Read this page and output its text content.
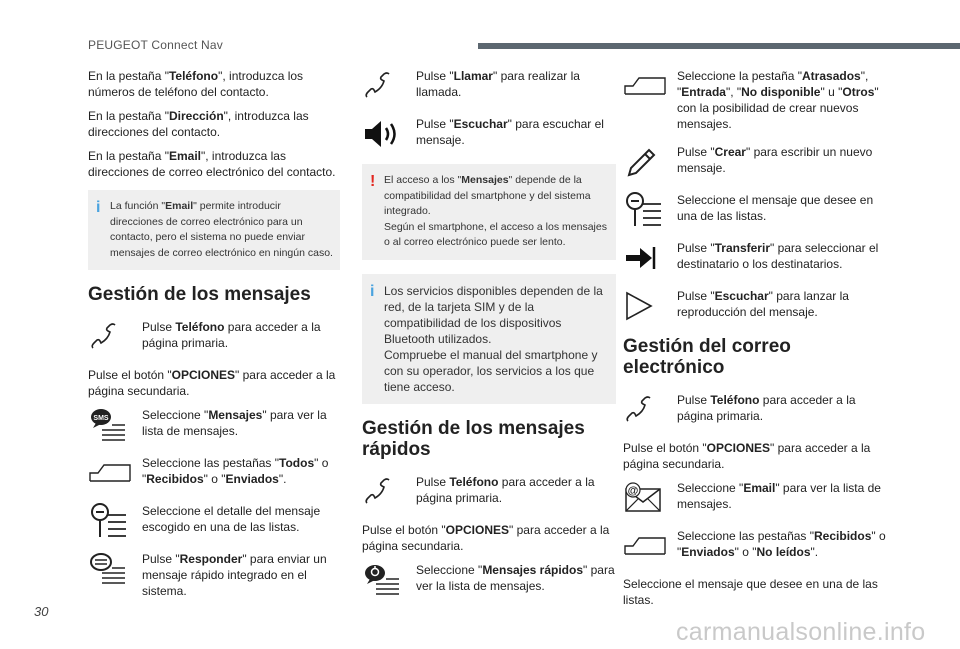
PEUGEOT Connect Nav

En la pestaña "Teléfono", introduzca los números de teléfono del contacto.

En la pestaña "Dirección", introduzca las direcciones del contacto.

En la pestaña "Email", introduzca las direcciones de correo electrónico del contacto.

i La función "Email" permite introducir direcciones de correo electrónico para un contacto, pero el sistema no puede enviar mensajes de correo electrónico en ningún caso.
Gestión de los mensajes
Pulse Teléfono para acceder a la página primaria.

Pulse el botón "OPCIONES" para acceder a la página secundaria.

SMS	Seleccione "Mensajes" para ver la lista de mensajes.
Seleccione las pestañas "Todos" o "Recibidos" o "Enviados".
Seleccione el detalle del mensaje escogido en una de las listas.
Pulse "Responder" para enviar un mensaje rápido integrado en el sistema.
Pulse "Llamar" para realizar la llamada.
Pulse "Escuchar" para escuchar el mensaje.
! El acceso a los "Mensajes" depende de la compatibilidad del smartphone y del sistema integrado.
Según el smartphone, el acceso a los mensajes o al correo electrónico puede ser lento.
i Los servicios disponibles dependen de la red, de la tarjeta SIM y de la compatibilidad de los dispositivos Bluetooth utilizados.
Compruebe el manual del smartphone y con su operador, los servicios a los que tiene acceso.
Gestión de los mensajes rápidos
Pulse Teléfono para acceder a la página primaria.

Pulse el botón "OPCIONES" para acceder a la página secundaria.

Seleccione "Mensajes rápidos" para ver la lista de mensajes.
Seleccione la pestaña "Atrasados", "Entrada", "No disponible" u "Otros" con la posibilidad de crear nuevos mensajes.
Pulse "Crear" para escribir un nuevo mensaje.
Seleccione el mensaje que desee en una de las listas.
Pulse "Transferir" para seleccionar el destinatario o los destinatarios.
Pulse "Escuchar" para lanzar la reproducción del mensaje.
Gestión del correo electrónico
Pulse Teléfono para acceder a la página primaria.

Pulse el botón "OPCIONES" para acceder a la página secundaria.

@	Seleccione "Email" para ver la lista de mensajes.
Seleccione las pestañas "Recibidos" o "Enviados" o "No leídos".

Seleccione el mensaje que desee en una de las listas.

30
carmanualsonline.info
